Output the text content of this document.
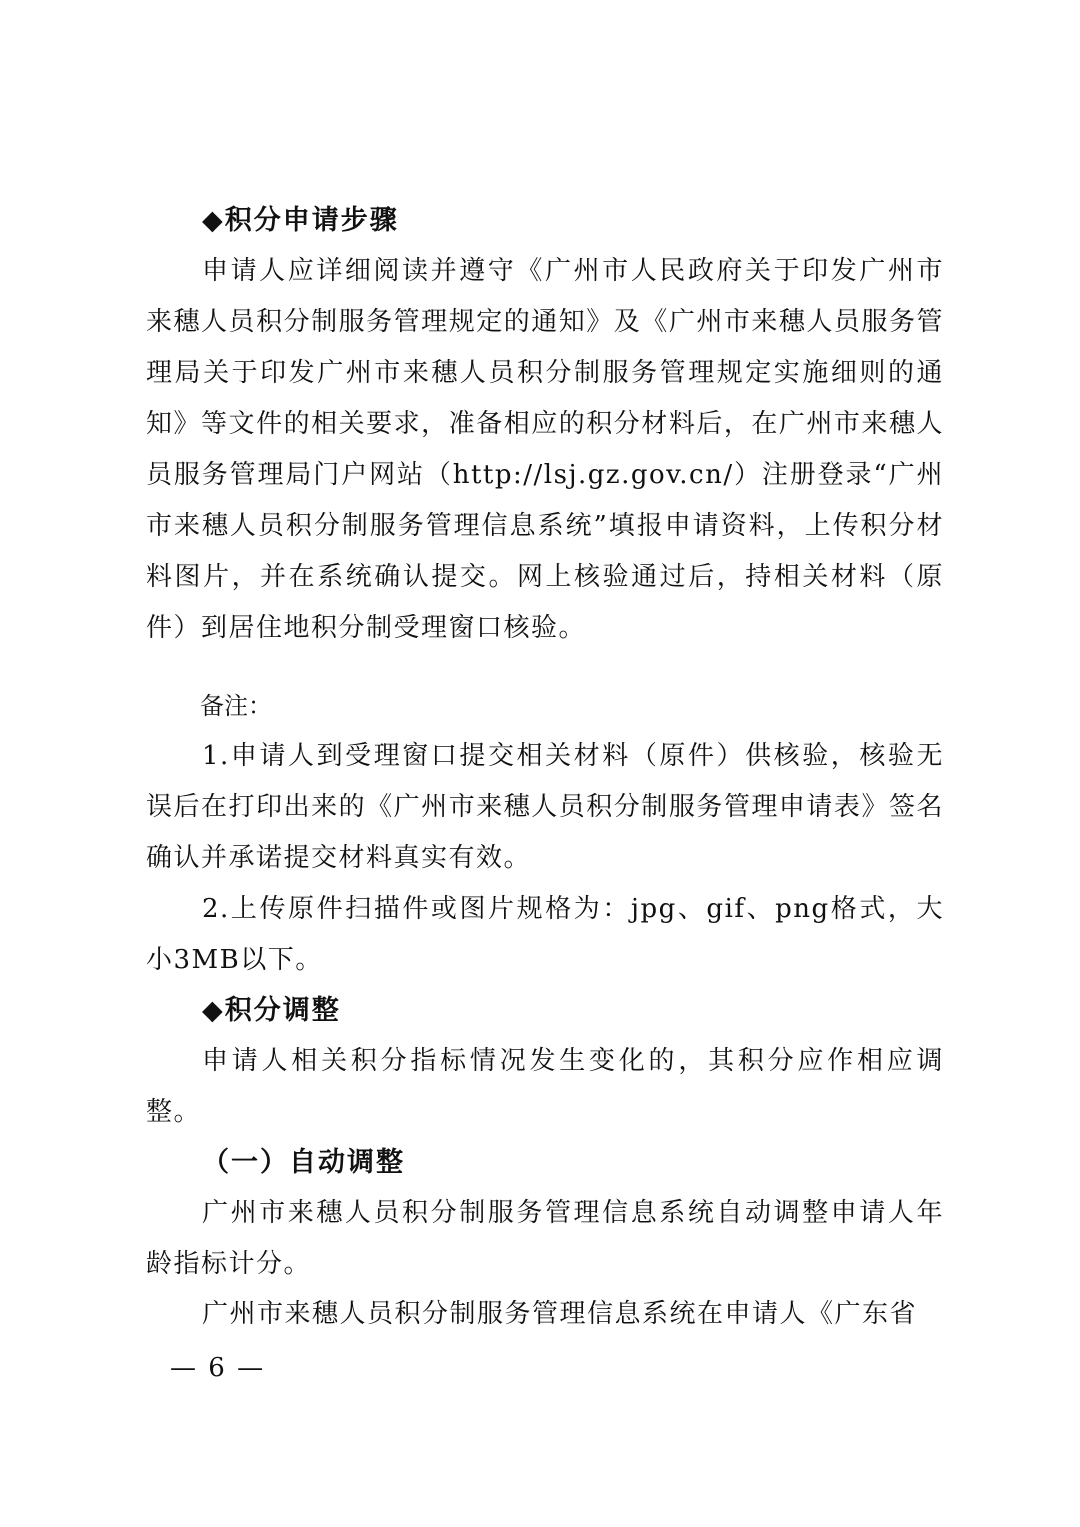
◆积分申请步骤
申请人应详细阅读并遵守《广州市人民政府关于印发广州市来穗人员积分制服务管理规定的通知》及《广州市来穗人员服务管理局关于印发广州市来穗人员积分制服务管理规定实施细则的通知》等文件的相关要求，准备相应的积分材料后，在广州市来穗人员服务管理局门户网站（http://lsj.gz.gov.cn/）注册登录“广州市来穗人员积分制服务管理信息系统”填报申请资料，上传积分材料图片，并在系统确认提交。网上核验通过后，持相关材料（原件）到居住地积分制受理窗口核验。
备注：
1.申请人到受理窗口提交相关材料（原件）供核验，核验无误后在打印出来的《广州市来穗人员积分制服务管理申请表》签名确认并承诺提交材料真实有效。
2.上传原件扫描件或图片规格为：jpg、gif、png格式，大小3MB以下。
◆积分调整
申请人相关积分指标情况发生变化的，其积分应作相应调整。
（一）自动调整
广州市来穗人员积分制服务管理信息系统自动调整申请人年龄指标计分。
广州市来穗人员积分制服务管理信息系统在申请人《广东省
— 6 —
